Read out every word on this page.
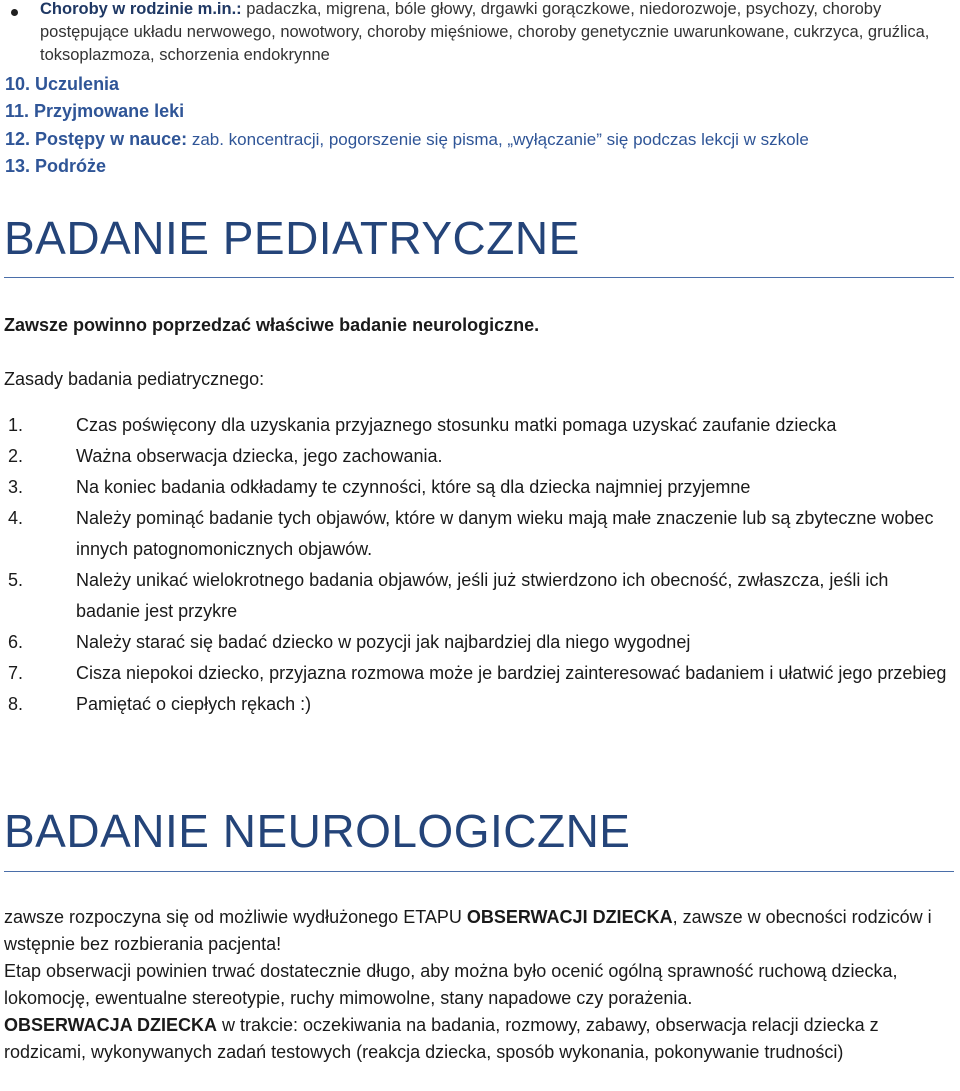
Choroby w rodzinie m.in.: padaczka, migrena, bóle głowy, drgawki gorączkowe, niedorozwoje, psychozy, choroby postępujące układu nerwowego, nowotwory, choroby mięśniowe, choroby genetycznie uwarunkowane, cukrzyca, gruźlica, toksoplazmoza, schorzenia endokrynne
10. Uczulenia
11. Przyjmowane leki
12. Postępy w nauce: zab. koncentracji, pogorszenie się pisma, „wyłączanie” się podczas lekcji w szkole
13. Podróże
BADANIE PEDIATRYCZNE
Zawsze powinno poprzedzać właściwe badanie neurologiczne.
Zasady badania pediatrycznego:
1.	Czas poświęcony dla uzyskania przyjaznego stosunku matki pomaga uzyskać zaufanie dziecka
2.	Ważna obserwacja dziecka, jego zachowania.
3.	Na koniec badania odkładamy te czynności, które są dla dziecka najmniej przyjemne
4.	Należy pominąć badanie tych objawów, które w danym wieku mają małe znaczenie lub są zbyteczne wobec innych patognomonicznych objawów.
5.	Należy unikać wielokrotnego badania objawów, jeśli już stwierdzono ich obecność, zwłaszcza, jeśli ich badanie jest przykre
6.	Należy starać się badać dziecko w pozycji jak najbardziej dla niego wygodnej
7.	Cisza niepokoi dziecko, przyjazna rozmowa może je bardziej zainteresować badaniem i ułatwić jego przebieg
8.	Pamiętać o ciepłych rękach :)
BADANIE NEUROLOGICZNE
zawsze rozpoczyna się od możliwie wydłużonego ETAPU OBSERWACJI DZIECKA, zawsze w obecności rodziców i wstępnie bez rozbierania pacjenta!
Etap obserwacji powinien trwać dostatecznie długo, aby można było ocenić ogólną sprawność ruchową dziecka, lokomocję, ewentualne stereotypie, ruchy mimowolne, stany napadowe czy porażenia.
OBSERWACJA DZIECKA w trakcie: oczekiwania na badania, rozmowy, zabawy, obserwacja relacji dziecka z rodzicami, wykonywanych zadań testowych (reakcja dziecka, sposób wykonania, pokonywanie trudności)
